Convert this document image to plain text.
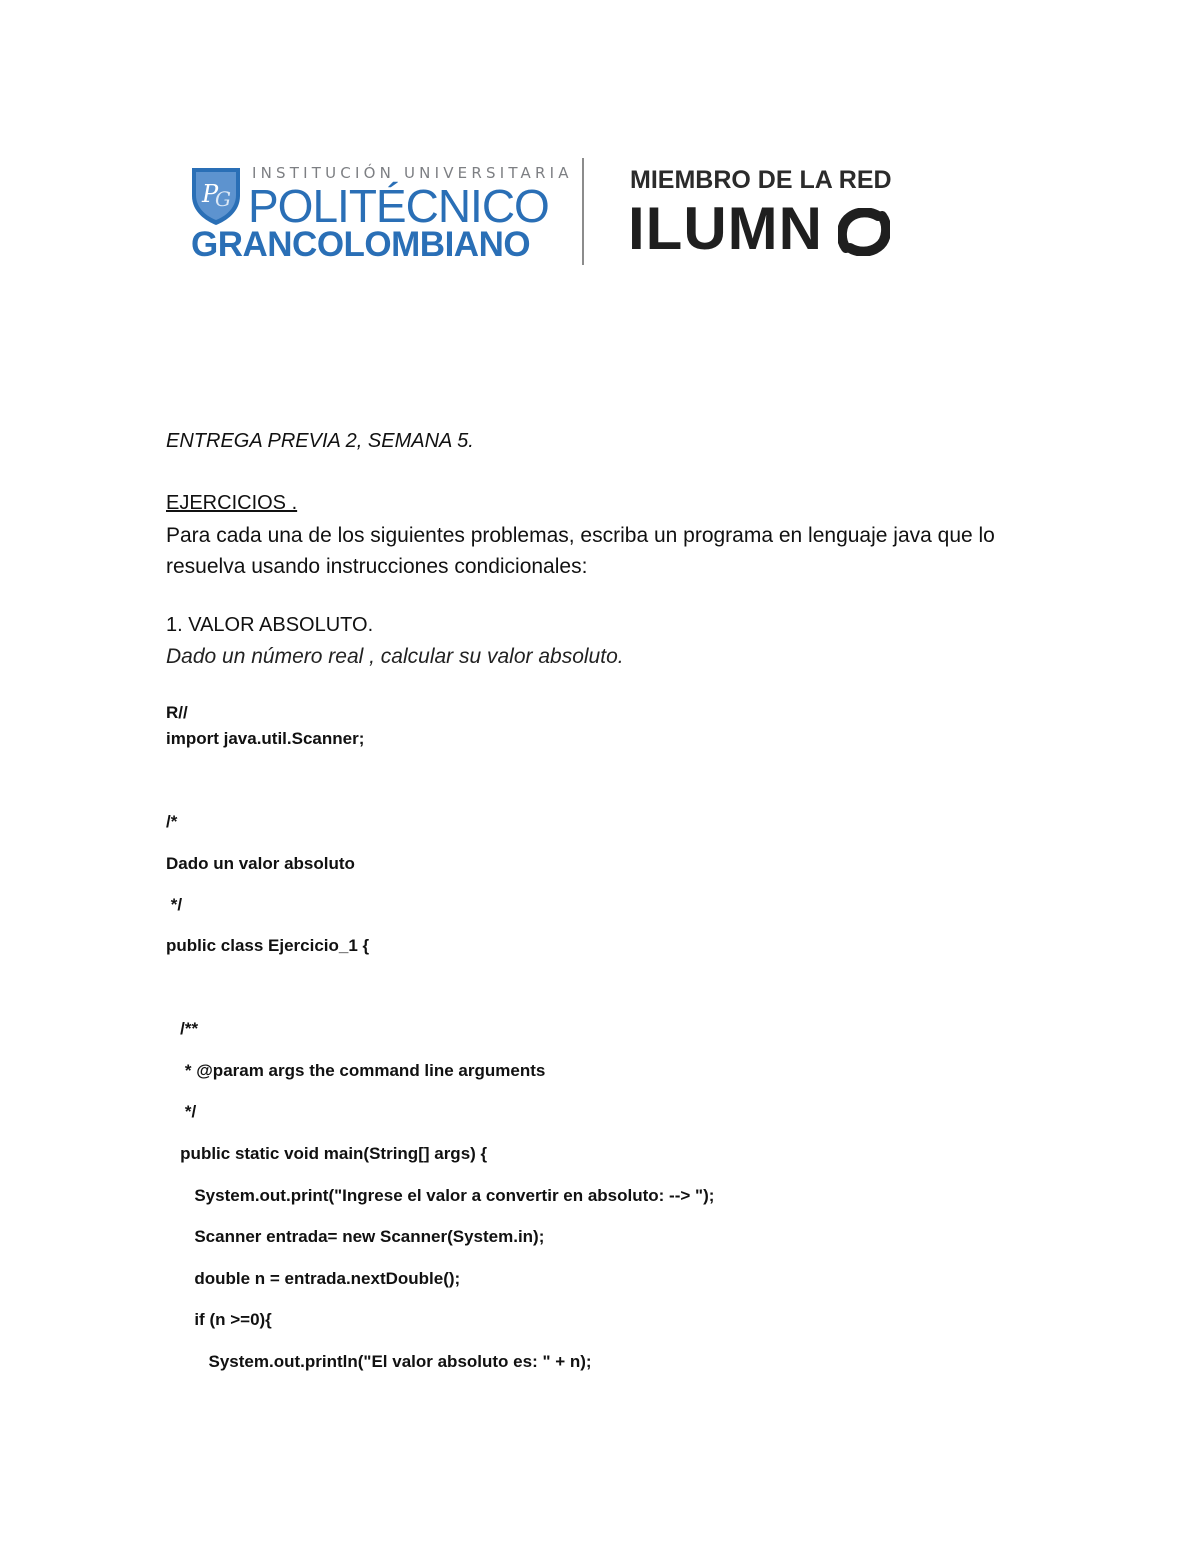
P
G
INSTITUCIÓN UNIVERSITARIA
POLITÉCNICO
GRANCOLOMBIANO
MIEMBRO DE LA RED
ILUMN
ENTREGA PREVIA 2, SEMANA 5.
EJERCICIOS .
Para cada una de los siguientes problemas, escriba un programa en lenguaje java que lo resuelva usando instrucciones condicionales:
1. VALOR ABSOLUTO.
Dado un número real , calcular su valor absoluto.
R//
import java.util.Scanner;
/*
Dado un valor absoluto
*/
public class Ejercicio_1 {
/**
* @param args the command line arguments
*/
public static void main(String[] args) {
System.out.print("Ingrese el valor a convertir en absoluto: --> ");
Scanner entrada= new Scanner(System.in);
double n = entrada.nextDouble();
if (n >=0){
System.out.println("El valor absoluto es: " + n);
